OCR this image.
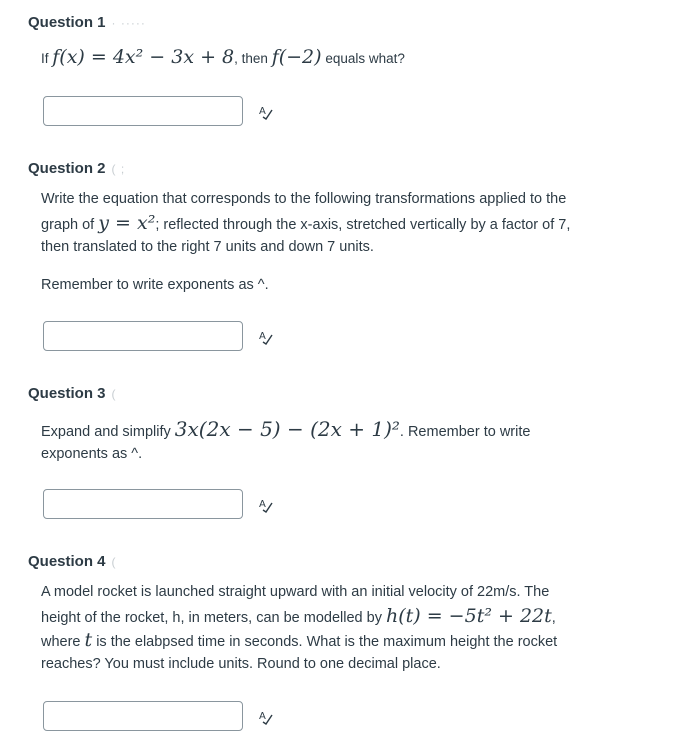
Question 1 · ·····
If f(x) = 4x² − 3x + 8, then f(−2) equals what?
A
Question 2 ( ;
Write the equation that corresponds to the following transformations applied to the
graph of y = x²; reflected through the x-axis, stretched vertically by a factor of 7,
then translated to the right 7 units and down 7 units.
Remember to write exponents as ^.
A
Question 3 (
Expand and simplify 3x(2x − 5) − (2x + 1)². Remember to write
exponents as ^.
A
Question 4 (
A model rocket is launched straight upward with an initial velocity of 22m/s. The
height of the rocket, h, in meters, can be modelled by h(t) = −5t² + 22t,
where t is the elabpsed time in seconds. What is the maximum height the rocket
reaches? You must include units. Round to one decimal place.
A
